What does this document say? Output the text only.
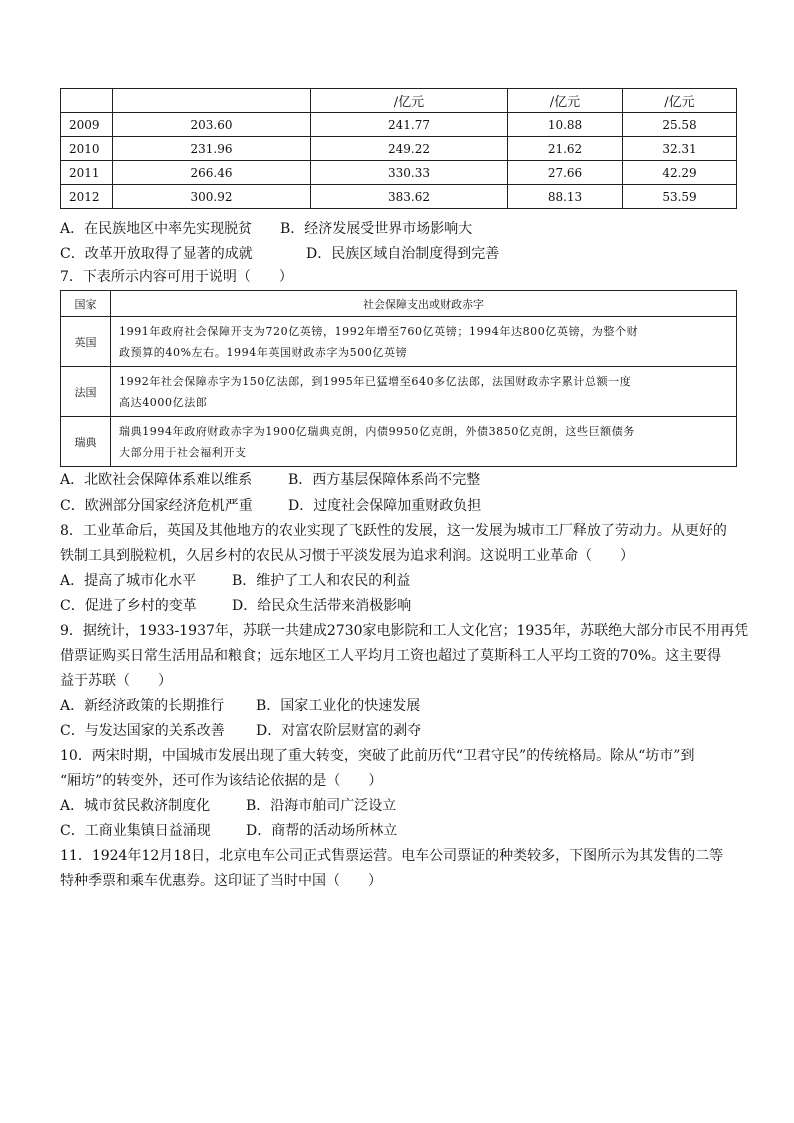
		/亿元	/亿元	/亿元
2009	203.60	241.77	10.88	25.58
2010	231.96	249.22	21.62	32.31
2011	266.46	330.33	27.66	42.29
2012	300.92	383.62	88.13	53.59
A．在民族地区中率先实现脱贫 B．经济发展受世界市场影响大
C．改革开放取得了显著的成就	D．民族区域自治制度得到完善
7．下表所示内容可用于说明（　　）
国家	社会保障支出或财政赤字
英国	1991年政府社会保障开支为720亿英镑，1992年增至760亿英镑；1994年达800亿英镑，为整个财
政预算的40%左右。1994年英国财政赤字为500亿英镑

法国	1992年社会保障赤字为150亿法郎，到1995年已猛增至640多亿法郎，法国财政赤字累计总额一度
高达4000亿法郎

瑞典	瑞典1994年政府财政赤字为1900亿瑞典克朗，内债9950亿克朗，外债3850亿克朗，这些巨额债务
大部分用于社会福利开支
A．北欧社会保障体系难以维系	B．西方基层保障体系尚不完整
C．欧洲部分国家经济危机严重	D．过度社会保障加重财政负担
8．工业革命后，英国及其他地方的农业实现了飞跃性的发展，这一发展为城市工厂释放了劳动力。从更好的
铁制工具到脱粒机，久居乡村的农民从习惯于平淡发展为追求利润。这说明工业革命（　　）
A．提高了城市化水平	B．维护了工人和农民的利益
C．促进了乡村的变革	D．给民众生活带来消极影响
9．据统计，1933-1937年，苏联一共建成2730家电影院和工人文化宫；1935年，苏联绝大部分市民不用再凭
借票证购买日常生活用品和粮食；远东地区工人平均月工资也超过了莫斯科工人平均工资的70%。这主要得
益于苏联（　　）
A．新经济政策的长期推行 B．国家工业化的快速发展
C．与发达国家的关系改善 D．对富农阶层财富的剥夺
10．两宋时期，中国城市发展出现了重大转变，突破了此前历代“卫君守民”的传统格局。除从“坊市”到
“厢坊”的转变外，还可作为该结论依据的是（　　）
A．城市贫民救济制度化	B．沿海市舶司广泛设立
C．工商业集镇日益涌现	D．商帮的活动场所林立
11．1924年12月18日，北京电车公司正式售票运营。电车公司票证的种类较多，下图所示为其发售的二等
特种季票和乘车优惠券。这印证了当时中国（　　）
